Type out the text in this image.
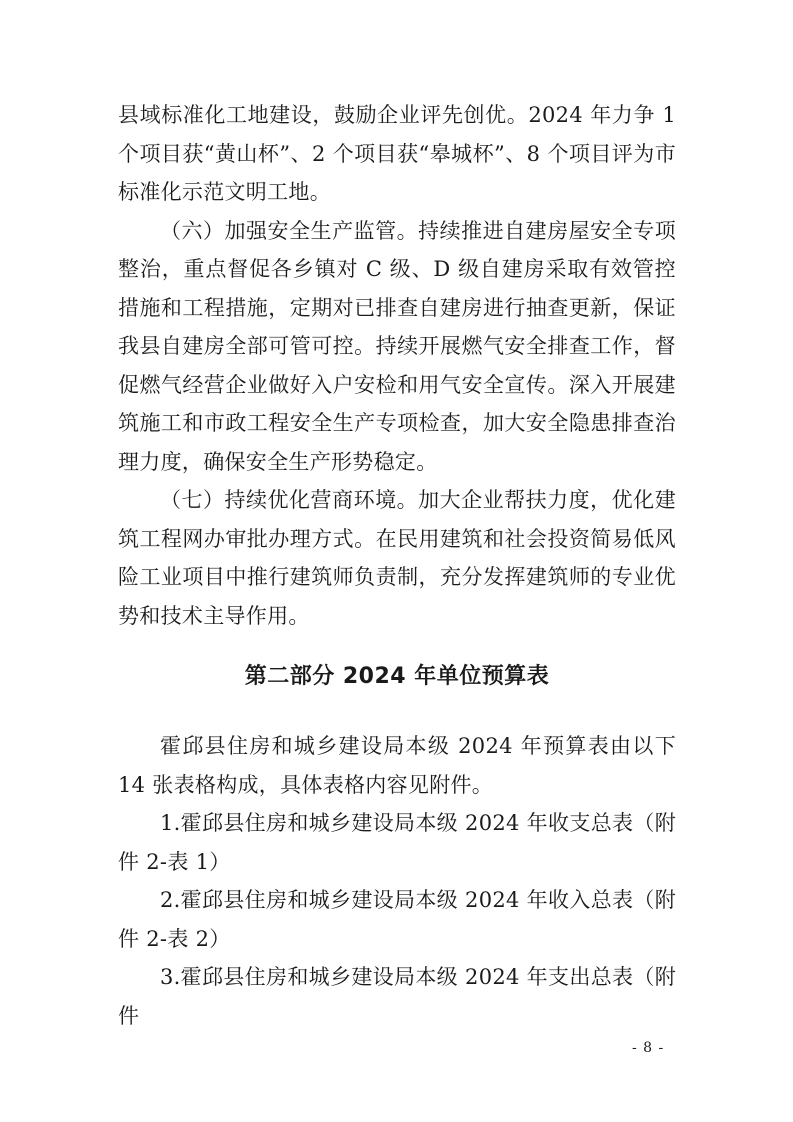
县域标准化工地建设，鼓励企业评先创优。2024 年力争 1 个项目获“黄山杯”、2 个项目获“皋城杯”、8 个项目评为市标准化示范文明工地。

（六）加强安全生产监管。持续推进自建房屋安全专项整治，重点督促各乡镇对 C 级、D 级自建房采取有效管控措施和工程措施，定期对已排查自建房进行抽查更新，保证我县自建房全部可管可控。持续开展燃气安全排查工作，督促燃气经营企业做好入户安检和用气安全宣传。深入开展建筑施工和市政工程安全生产专项检查，加大安全隐患排查治理力度，确保安全生产形势稳定。

（七）持续优化营商环境。加大企业帮扶力度，优化建筑工程网办审批办理方式。在民用建筑和社会投资简易低风险工业项目中推行建筑师负责制，充分发挥建筑师的专业优势和技术主导作用。

第二部分 2024 年单位预算表

霍邱县住房和城乡建设局本级 2024 年预算表由以下 14 张表格构成，具体表格内容见附件。

1.霍邱县住房和城乡建设局本级 2024 年收支总表（附件 2-表 1）

2.霍邱县住房和城乡建设局本级 2024 年收入总表（附件 2-表 2）

3.霍邱县住房和城乡建设局本级 2024 年支出总表（附件

- 8 -
